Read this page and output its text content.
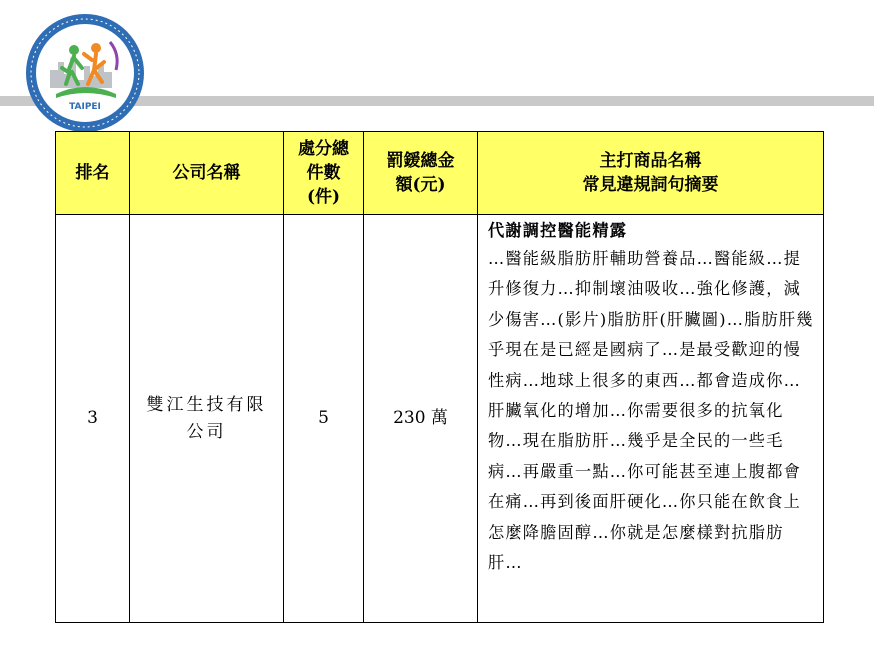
TAIPEI
排名	公司名稱	處分總件數(件)	罰鍰總金額(元)	主打商品名稱
常見違規詞句摘要

3	雙江生技有限公司	5	230 萬	代謝調控醫能精露
…醫能級脂肪肝輔助營養品…醫能級…提升修復力…抑制壞油吸收…強化修護，減少傷害…(影片)脂肪肝(肝臟圖)…脂肪肝幾乎現在是已經是國病了…是最受歡迎的慢性病…地球上很多的東西…都會造成你…肝臟氧化的增加…你需要很多的抗氧化物…現在脂肪肝…幾乎是全民的一些毛病…再嚴重一點…你可能甚至連上腹都會在痛…再到後面肝硬化…你只能在飲食上怎麼降膽固醇…你就是怎麼樣對抗脂肪肝…
